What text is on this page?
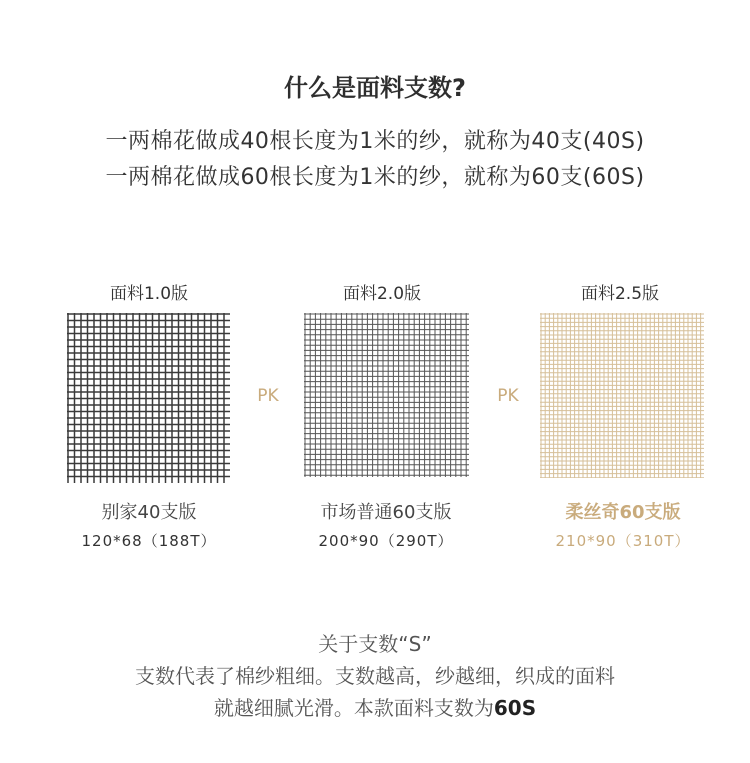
什么是面料支数?
一两棉花做成40根长度为1米的纱，就称为40支(40S)
一两棉花做成60根长度为1米的纱，就称为60支(60S)
面料1.0版
别家40支版
120*68（188T）
PK
面料2.0版
市场普通60支版
200*90（290T）
PK
面料2.5版
柔丝奇60支版
210*90（310T）
关于支数“S”
支数代表了棉纱粗细。支数越高，纱越细，织成的面料
就越细腻光滑。本款面料支数为60S
